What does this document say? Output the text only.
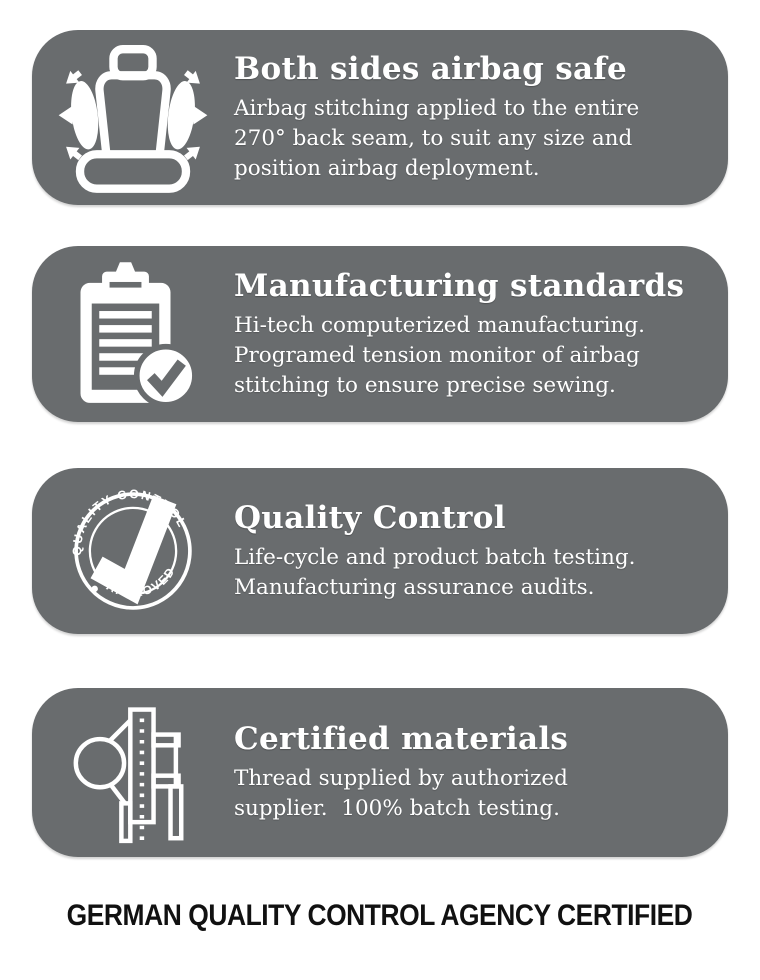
Both sides airbag safe

Airbag stitching applied to the entire

270° back seam, to suit any size and

position airbag deployment.

Manufacturing standards

Hi-tech computerized manufacturing.

Programed tension monitor of airbag

stitching to ensure precise sewing.

QUALITY CONTROL
APPROVED
Quality Control

Life-cycle and product batch testing.

Manufacturing assurance audits.

Certified materials

Thread supplied by authorized

supplier.  100% batch testing.

GERMAN QUALITY CONTROL AGENCY CERTIFIED
